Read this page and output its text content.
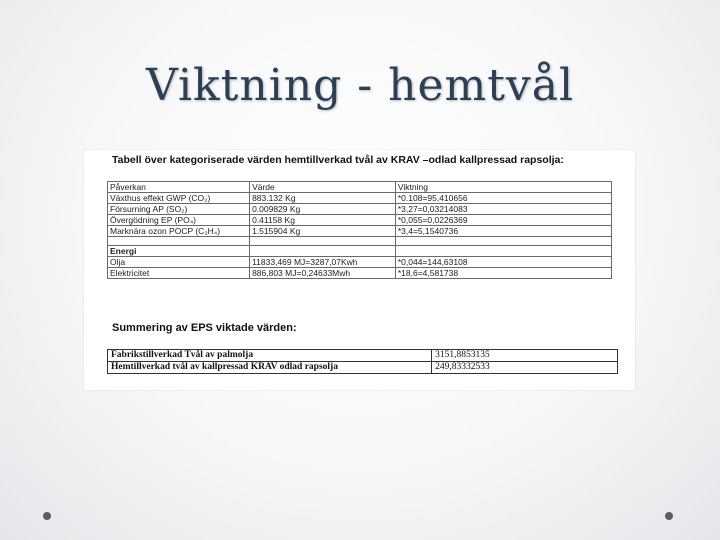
Viktning - hemtvål
Tabell över kategoriserade värden hemtillverkad tvål av KRAV –odlad kallpressad rapsolja:
Påverkan	Värde	Viktning
Växthus effekt GWP (CO₂)	883.132 Kg	*0.108=95,410656
Försurning AP (SO₂)	0.009829 Kg	*3,27=0,03214083
Övergödning EP (PO₄)	0.41158 Kg	*0,055=0,0226369
Marknära ozon POCP (C₂H₄)	1.515904 Kg	*3,4=5,1540736

Energi		
Olja	11833,469 MJ=3287,07Kwh	*0,044=144,63108
Elektricitet	886,803 MJ=0,24633Mwh	*18,6=4,581738
Summering av EPS viktade värden:
Fabrikstillverkad Tvål av palmolja	3151,8853135
Hemtillverkad tvål av kallpressad KRAV odlad rapsolja	249,83332533
